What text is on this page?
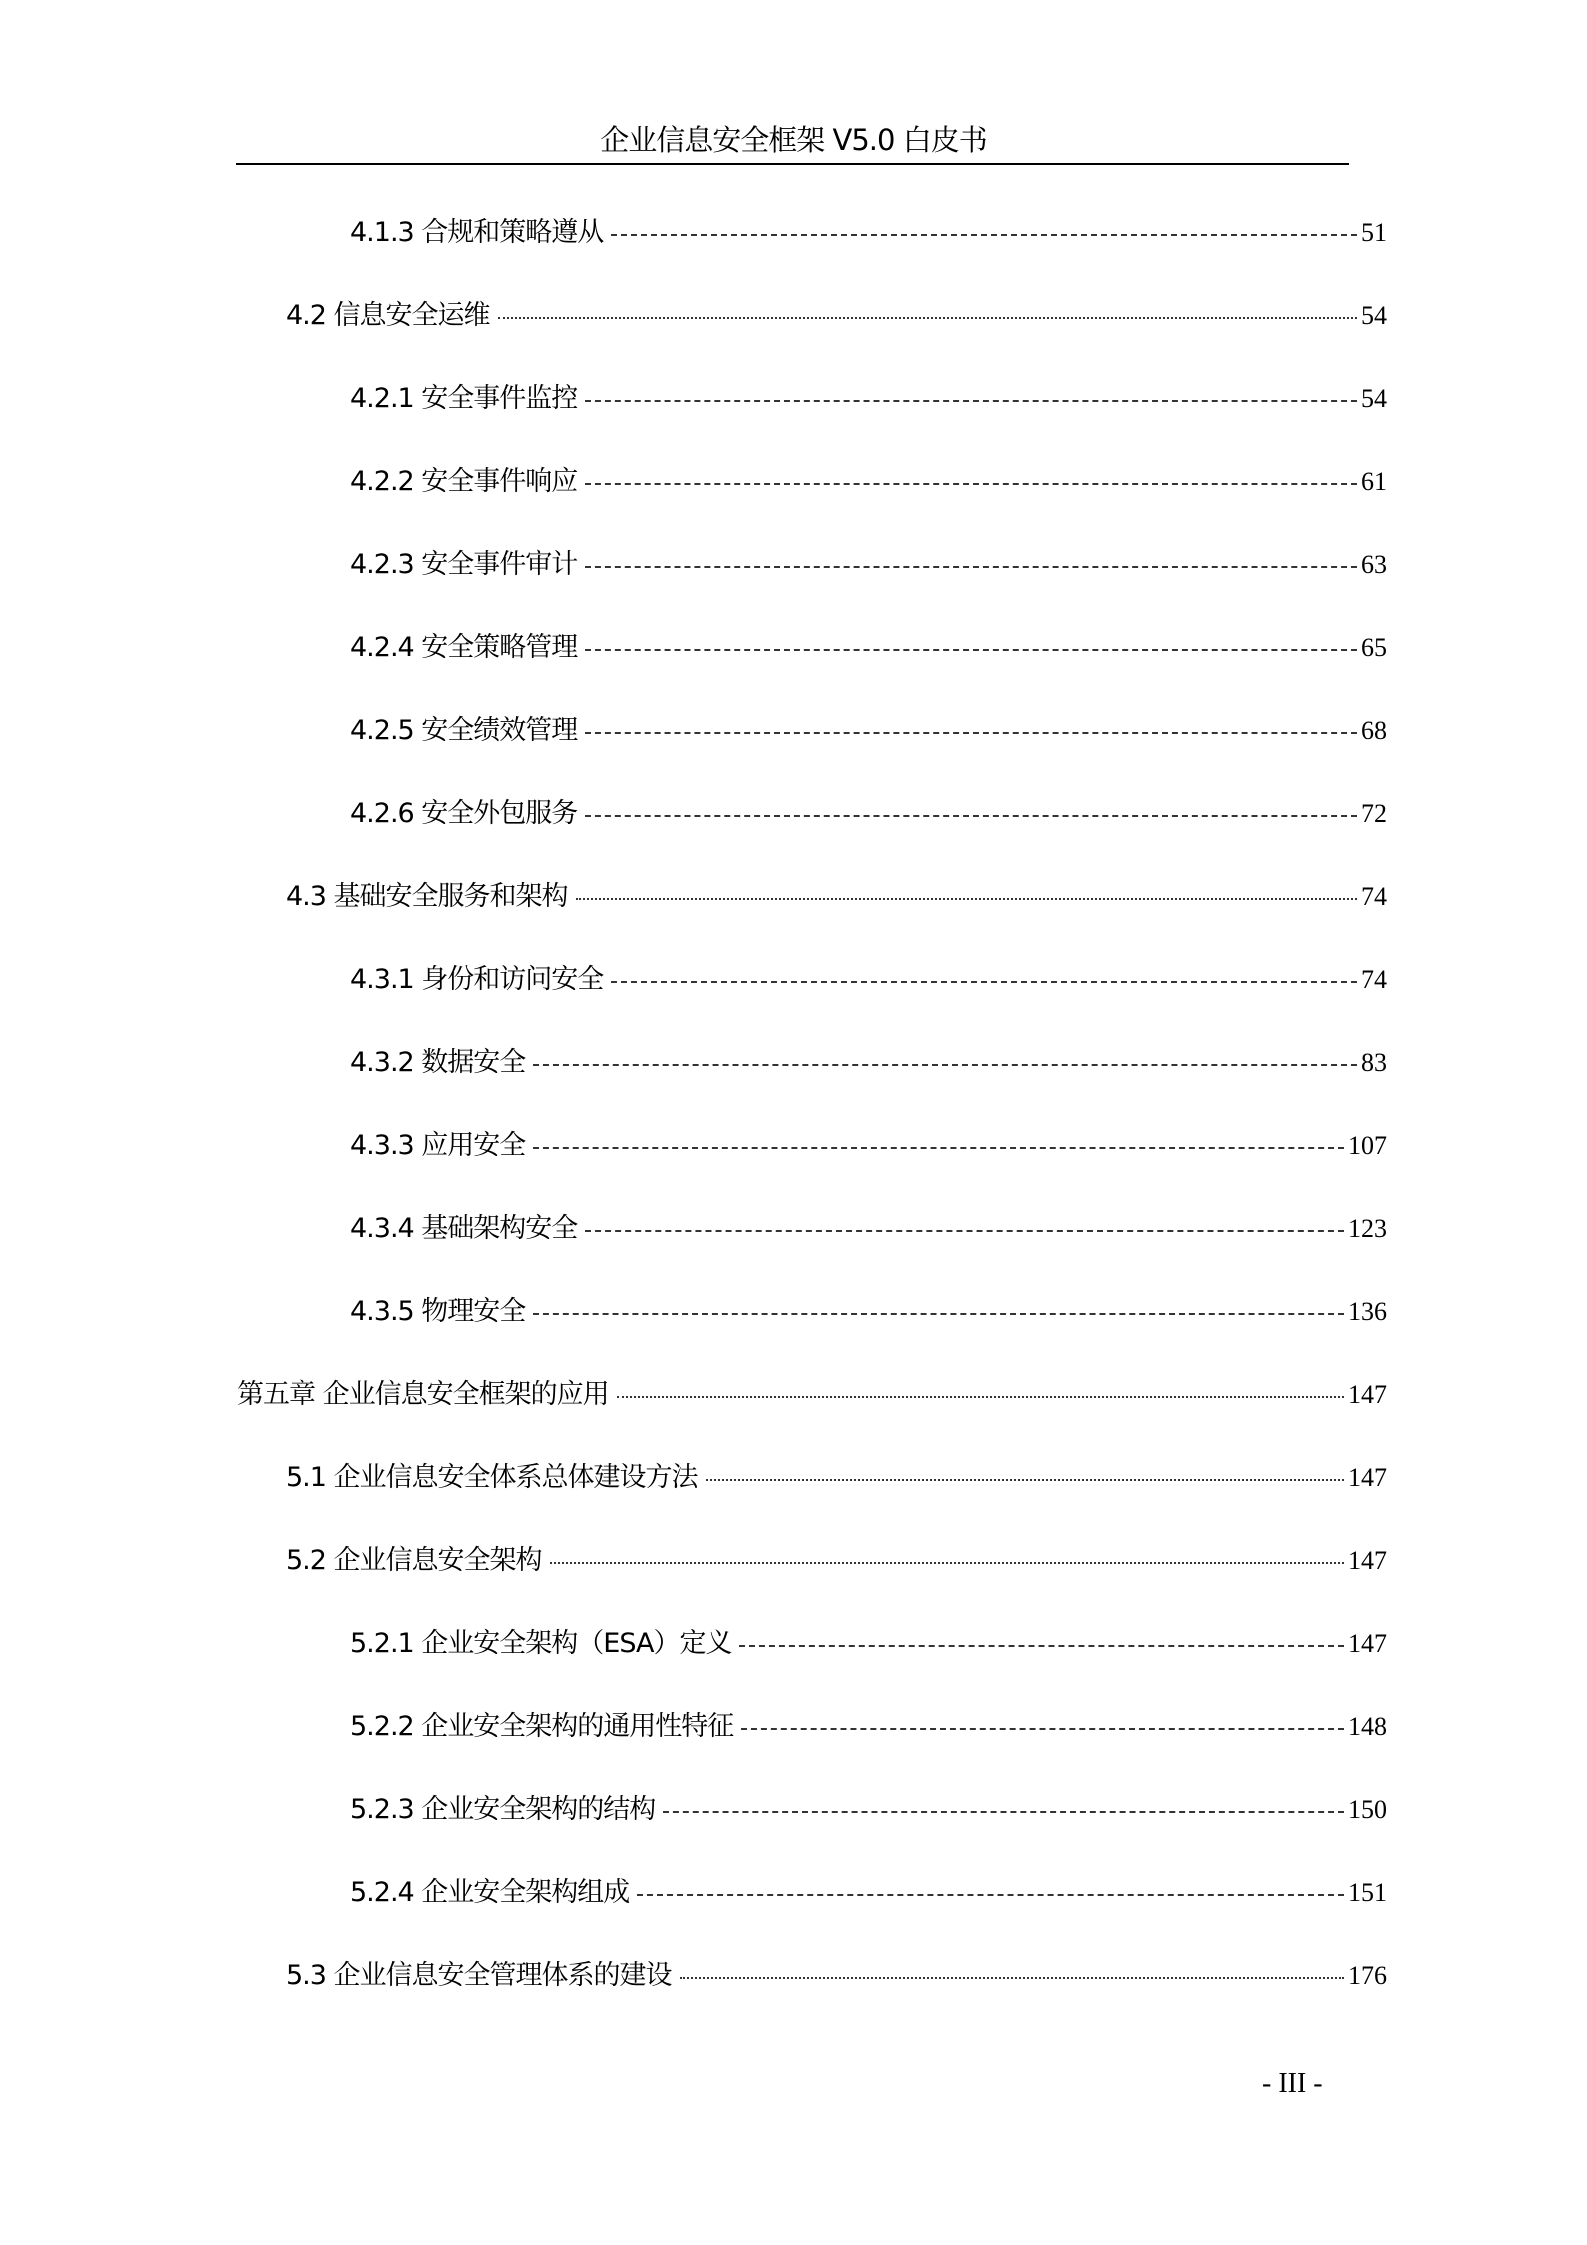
企业信息安全框架 V5.0 白皮书
4.1.3 合规和策略遵从	51
4.2 信息安全运维	54
4.2.1 安全事件监控	54
4.2.2 安全事件响应	61
4.2.3 安全事件审计	63
4.2.4 安全策略管理	65
4.2.5 安全绩效管理	68
4.2.6 安全外包服务	72
4.3 基础安全服务和架构	74
4.3.1 身份和访问安全	74
4.3.2 数据安全	83
4.3.3 应用安全	107
4.3.4 基础架构安全	123
4.3.5 物理安全	136
第五章 企业信息安全框架的应用	147
5.1 企业信息安全体系总体建设方法	147
5.2 企业信息安全架构	147
5.2.1 企业安全架构（ESA）定义	147
5.2.2 企业安全架构的通用性特征	148
5.2.3 企业安全架构的结构	150
5.2.4 企业安全架构组成	151
5.3 企业信息安全管理体系的建设	176
- III -
